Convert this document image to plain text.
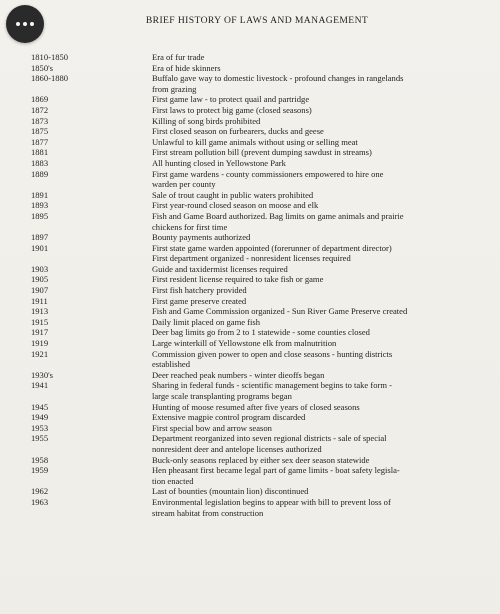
BRIEF HISTORY OF LAWS AND MANAGEMENT
1810-1850	Era of fur trade
1850's	Era of hide skinners
1860-1880	Buffalo gave way to domestic livestock - profound changes in rangelands
from grazing
1869	First game law - to protect quail and partridge
1872	First laws to protect big game (closed seasons)
1873	Killing of song birds prohibited
1875	First closed season on furbearers, ducks and geese
1877	Unlawful to kill game animals without using or selling meat
1881	First stream pollution bill (prevent dumping sawdust in streams)
1883	All hunting closed in Yellowstone Park
1889	First game wardens - county commissioners empowered to hire one
warden per county
1891	Sale of trout caught in public waters prohibited
1893	First year-round closed season on moose and elk
1895	Fish and Game Board authorized. Bag limits on game animals and prairie
chickens for first time
1897	Bounty payments authorized
1901	First state game warden appointed (forerunner of department director)
First department organized - nonresident licenses required
1903	Guide and taxidermist licenses required
1905	First resident license required to take fish or game
1907	First fish hatchery provided
1911	First game preserve created
1913	Fish and Game Commission organized - Sun River Game Preserve created
1915	Daily limit placed on game fish
1917	Deer bag limits go from 2 to 1 statewide - some counties closed
1919	Large winterkill of Yellowstone elk from malnutrition
1921	Commission given power to open and close seasons - hunting districts
established
1930's	Deer reached peak numbers - winter dieoffs began
1941	Sharing in federal funds - scientific management begins to take form -
large scale transplanting programs began
1945	Hunting of moose resumed after five years of closed seasons
1949	Extensive magpie control program discarded
1953	First special bow and arrow season
1955	Department reorganized into seven regional districts - sale of special
nonresident deer and antelope licenses authorized
1958	Buck-only seasons replaced by either sex deer season statewide
1959	Hen pheasant first became legal part of game limits - boat safety legisla-
tion enacted
1962	Last of bounties (mountain lion) discontinued
1963	Environmental legislation begins to appear with bill to prevent loss of
stream habitat from construction
